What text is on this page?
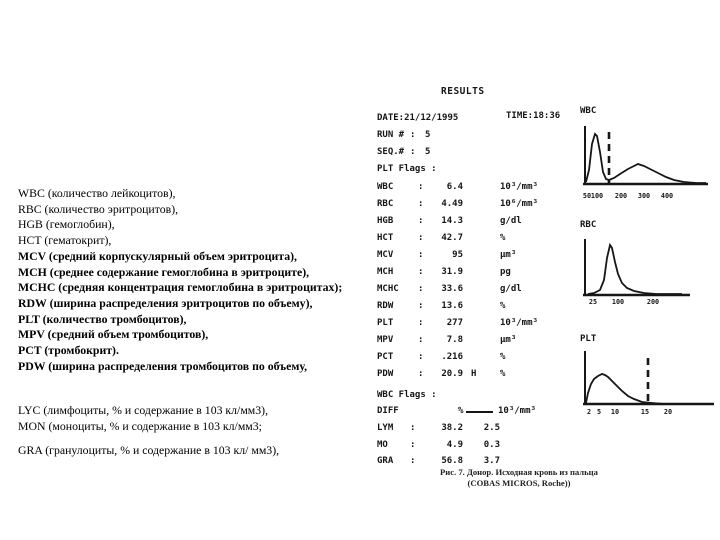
WBC (количество лейкоцитов),
RBC (количество эритроцитов),
HGB (гемоглобин),
HCT (гематокрит),
MCV (средний корпускулярный объем эритроцита),
MCH (среднее содержание гемоглобина в эритроците),
MCHC (средняя концентрация гемоглобина в эритроцитах);
RDW (ширина распределения эритроцитов по объему),
PLT (количество тромбоцитов),
MPV (средний объем тромбоцитов),
PCT (тромбокрит).
PDW (ширина распределения тромбоцитов по объему,
LYC (лимфоциты, % и содержание в 103 кл/мм3),
MON (моноциты, % и содержание в 103 кл/мм3;
GRA (гранулоциты, % и содержание в 103 кл/ мм3),
RESULTS
DATE:21/12/1995	TIME:18:36
RUN # : 5
SEQ.# : 5
PLT Flags :
WBC	:	6.4	10³/mm³
RBC	:	4.49	10⁶/mm³
HGB	:	14.3	g/dl
HCT	:	42.7	%
MCV	:	95	µm³
MCH	:	31.9	pg
MCHC :	33.6	g/dl
RDW	:	13.6	%
PLT	:	277	10³/mm³
MPV	:	7.8	µm³
PCT	:	.216	%
PDW	:	20.9 H	%
WBC Flags :
DIFF	%	10³/mm³
LYM :	38.2	2.5
MO :	4.9	0.3
GRA :	56.8	3.7
Рис. 7. Донор. Исходная кровь из пальца
(COBAS MICROS, Roche))
WBC
50 100 200 300 400
RBC
25 100	200
PLT
2 5 10	15 20
